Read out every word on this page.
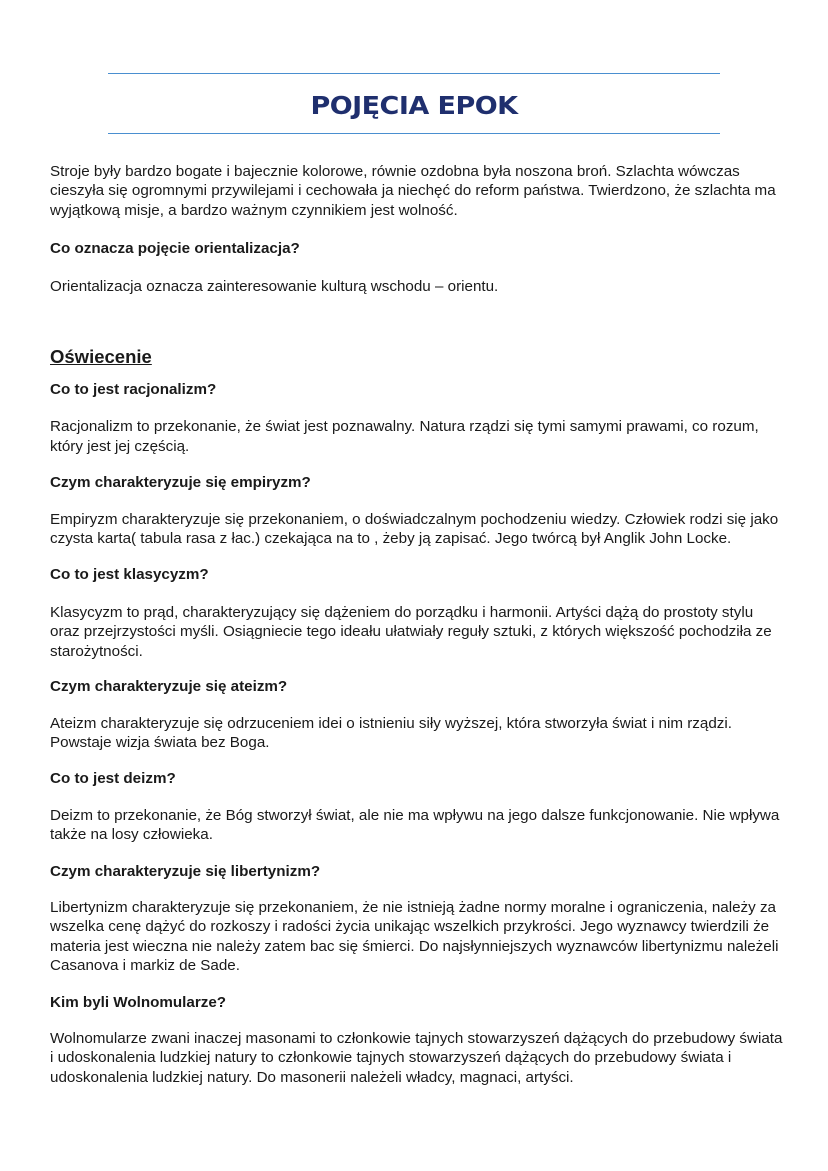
POJĘCIA EPOK

Stroje były bardzo bogate i bajecznie kolorowe, równie ozdobna była noszona broń. Szlachta wówczas cieszyła się ogromnymi przywilejami i cechowała ja niechęć do reform państwa. Twierdzono, że szlachta ma wyjątkową misje, a bardzo ważnym czynnikiem jest wolność.

Co oznacza pojęcie orientalizacja?

Orientalizacja oznacza zainteresowanie kulturą wschodu – orientu.

Oświecenie

Co to jest racjonalizm?

Racjonalizm to przekonanie, że świat jest poznawalny. Natura rządzi się tymi samymi prawami, co rozum, który jest jej częścią.

Czym charakteryzuje się empiryzm?

Empiryzm charakteryzuje się przekonaniem, o doświadczalnym pochodzeniu wiedzy. Człowiek rodzi się jako czysta karta( tabula rasa z łac.) czekająca na to , żeby ją zapisać. Jego twórcą był Anglik John Locke.

Co to jest klasycyzm?

Klasycyzm to prąd, charakteryzujący się dążeniem do porządku i harmonii. Artyści dążą do prostoty stylu oraz przejrzystości myśli. Osiągniecie tego ideału ułatwiały reguły sztuki, z których większość pochodziła ze starożytności.

Czym charakteryzuje się ateizm?

Ateizm charakteryzuje się odrzuceniem idei o istnieniu siły wyższej, która stworzyła świat i nim rządzi. Powstaje wizja świata bez Boga.

Co to jest deizm?

Deizm to przekonanie, że Bóg stworzył świat, ale nie ma wpływu na jego dalsze funkcjonowanie. Nie wpływa także na losy człowieka.

Czym charakteryzuje się libertynizm?

Libertynizm charakteryzuje się przekonaniem, że nie istnieją żadne normy moralne i ograniczenia, należy za wszelka cenę dążyć do rozkoszy i radości życia unikając wszelkich przykrości. Jego wyznawcy twierdzili że materia jest wieczna nie należy zatem bac się śmierci. Do najsłynniejszych wyznawców libertynizmu należeli Casanova i markiz de Sade.

Kim byli Wolnomularze?

Wolnomularze zwani inaczej masonami to członkowie tajnych stowarzyszeń dążących do przebudowy świata i udoskonalenia ludzkiej natury to członkowie tajnych stowarzyszeń dążących do przebudowy świata i udoskonalenia ludzkiej natury. Do masonerii należeli władcy, magnaci, artyści.
